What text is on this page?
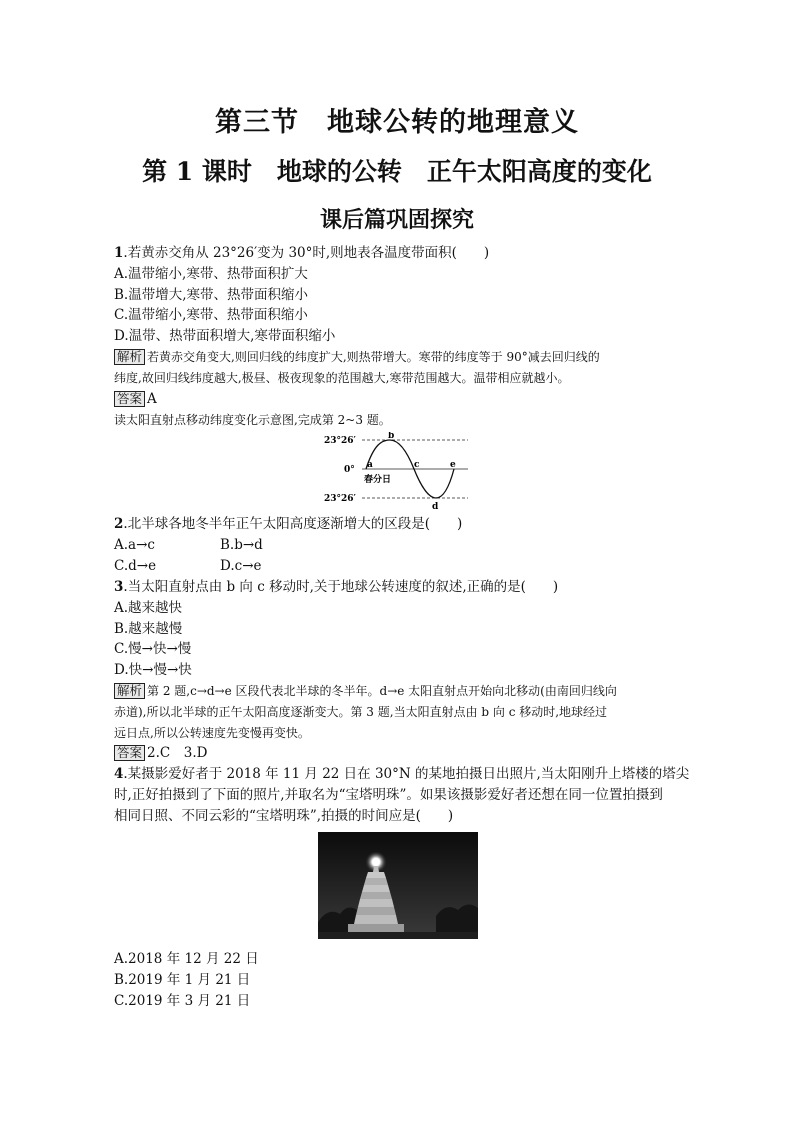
第三节　地球公转的地理意义
第 1 课时　地球的公转　正午太阳高度的变化
课后篇巩固探究
1.若黄赤交角从 23°26′变为 30°时,则地表各温度带面积(　　)
A.温带缩小,寒带、热带面积扩大
B.温带增大,寒带、热带面积缩小
C.温带缩小,寒带、热带面积缩小
D.温带、热带面积增大,寒带面积缩小
解析 若黄赤交角变大,则回归线的纬度扩大,则热带增大。寒带的纬度等于 90°减去回归线的
纬度,故回归线纬度越大,极昼、极夜现象的范围越大,寒带范围越大。温带相应就越小。
答案 A
读太阳直射点移动纬度变化示意图,完成第 2~3 题。
23°26′
0°
23°26′
a
b
c
d
e
春分日
2.北半球各地冬半年正午太阳高度逐渐增大的区段是(　　)
A.a→c	B.b→d
C.d→e	D.c→e
3.当太阳直射点由 b 向 c 移动时,关于地球公转速度的叙述,正确的是(　　)
A.越来越快
B.越来越慢
C.慢→快→慢
D.快→慢→快
解析 第 2 题,c→d→e 区段代表北半球的冬半年。d→e 太阳直射点开始向北移动(由南回归线向
赤道),所以北半球的正午太阳高度逐渐变大。第 3 题,当太阳直射点由 b 向 c 移动时,地球经过
远日点,所以公转速度先变慢再变快。
答案 2.C　3.D
4.某摄影爱好者于 2018 年 11 月 22 日在 30°N 的某地拍摄日出照片,当太阳刚升上塔楼的塔尖
时,正好拍摄到了下面的照片,并取名为“宝塔明珠”。如果该摄影爱好者还想在同一位置拍摄到
相同日照、不同云彩的“宝塔明珠”,拍摄的时间应是(　　)
A.2018 年 12 月 22 日
B.2019 年 1 月 21 日
C.2019 年 3 月 21 日
